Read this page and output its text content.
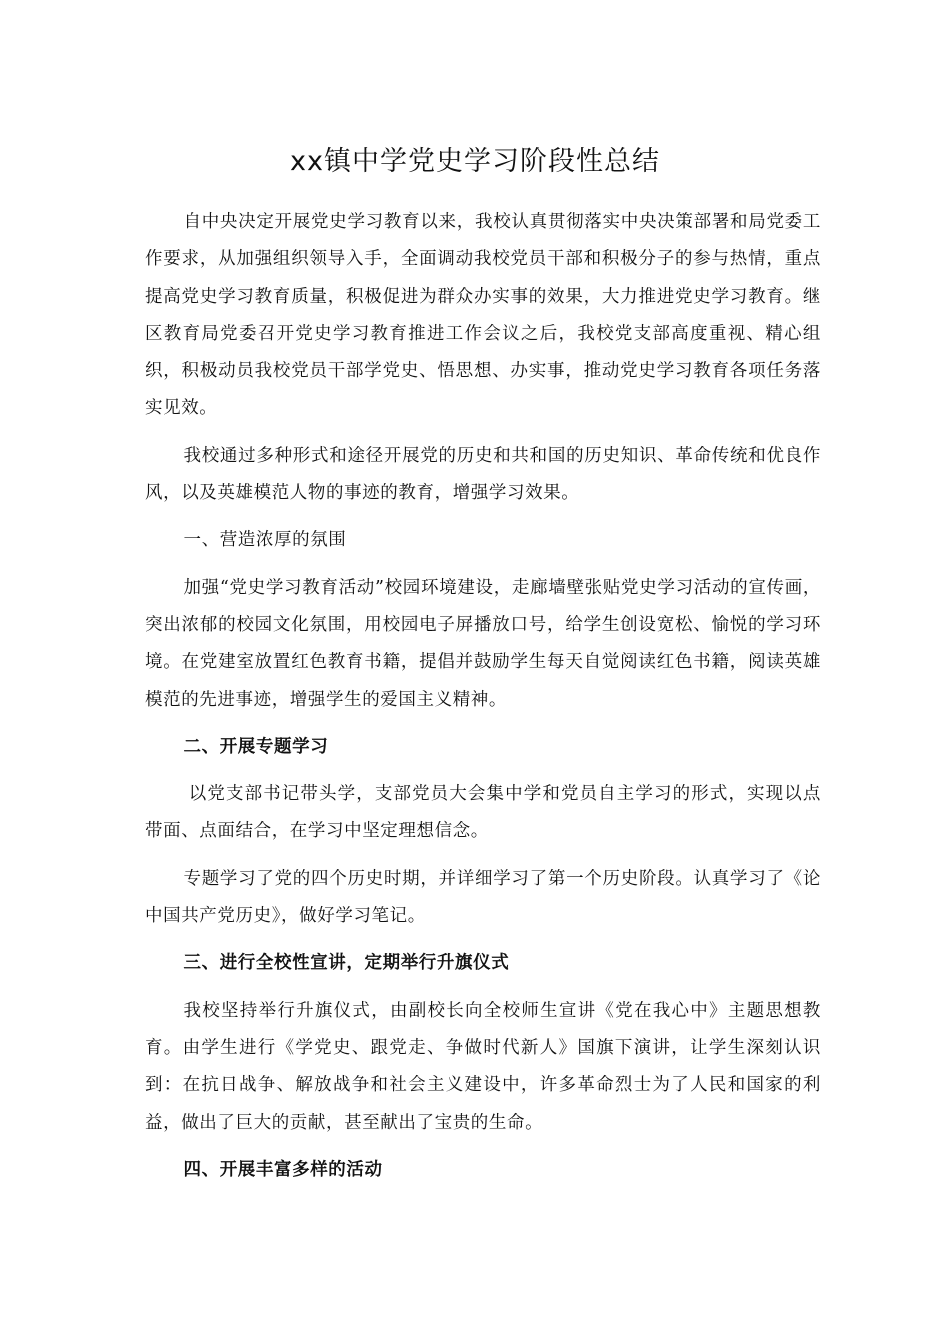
xx镇中学党史学习阶段性总结

自中央决定开展党史学习教育以来，我校认真贯彻落实中央决策部署和局党委工作要求，从加强组织领导入手，全面调动我校党员干部和积极分子的参与热情，重点提高党史学习教育质量，积极促进为群众办实事的效果，大力推进党史学习教育。继区教育局党委召开党史学习教育推进工作会议之后，我校党支部高度重视、精心组织，积极动员我校党员干部学党史、悟思想、办实事，推动党史学习教育各项任务落实见效。

我校通过多种形式和途径开展党的历史和共和国的历史知识、革命传统和优良作风，以及英雄模范人物的事迹的教育，增强学习效果。

一、营造浓厚的氛围

加强“党史学习教育活动”校园环境建设，走廊墙壁张贴党史学习活动的宣传画，突出浓郁的校园文化氛围，用校园电子屏播放口号，给学生创设宽松、愉悦的学习环境。在党建室放置红色教育书籍，提倡并鼓励学生每天自觉阅读红色书籍，阅读英雄模范的先进事迹，增强学生的爱国主义精神。

二、开展专题学习

以党支部书记带头学，支部党员大会集中学和党员自主学习的形式，实现以点带面、点面结合，在学习中坚定理想信念。

专题学习了党的四个历史时期，并详细学习了第一个历史阶段。认真学习了《论中国共产党历史》，做好学习笔记。

三、进行全校性宣讲，定期举行升旗仪式

我校坚持举行升旗仪式，由副校长向全校师生宣讲《党在我心中》主题思想教育。由学生进行《学党史、跟党走、争做时代新人》国旗下演讲，让学生深刻认识到：在抗日战争、解放战争和社会主义建设中，许多革命烈士为了人民和国家的利益，做出了巨大的贡献，甚至献出了宝贵的生命。

四、开展丰富多样的活动
